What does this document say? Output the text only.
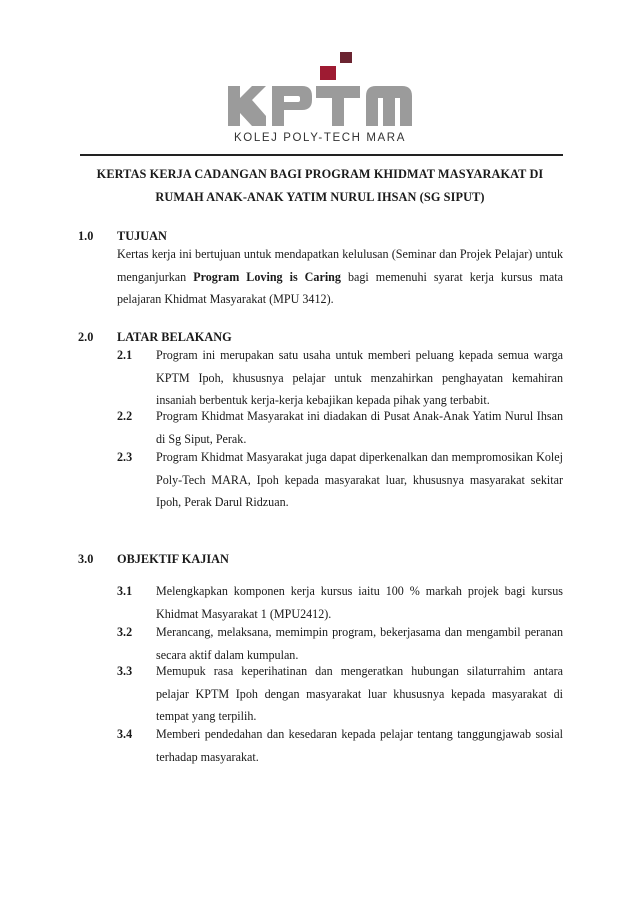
KOLEJ POLY-TECH MARA
KERTAS KERJA CADANGAN BAGI PROGRAM KHIDMAT MASYARAKAT DI
RUMAH ANAK-ANAK YATIM NURUL IHSAN (SG SIPUT)
1.0 TUJUAN
Kertas kerja ini bertujuan untuk mendapatkan kelulusan (Seminar dan Projek Pelajar) untuk menganjurkan Program Loving is Caring bagi memenuhi syarat kerja kursus mata pelajaran Khidmat Masyarakat (MPU 3412).
2.0 LATAR BELAKANG
2.1 Program ini merupakan satu usaha untuk memberi peluang kepada semua warga KPTM Ipoh, khususnya pelajar untuk menzahirkan penghayatan kemahiran insaniah berbentuk kerja-kerja kebajikan kepada pihak yang terbabit.
2.2 Program Khidmat Masyarakat ini diadakan di Pusat Anak-Anak Yatim Nurul Ihsan di Sg Siput, Perak.
2.3 Program Khidmat Masyarakat juga dapat diperkenalkan dan mempromosikan Kolej Poly-Tech MARA, Ipoh kepada masyarakat luar, khususnya masyarakat sekitar Ipoh, Perak Darul Ridzuan.
3.0 OBJEKTIF KAJIAN
3.1 Melengkapkan komponen kerja kursus iaitu 100 % markah projek bagi kursus Khidmat Masyarakat 1 (MPU2412).
3.2 Merancang, melaksana, memimpin program, bekerjasama dan mengambil peranan secara aktif dalam kumpulan.
3.3 Memupuk rasa keperihatinan dan mengeratkan hubungan silaturrahim antara pelajar KPTM Ipoh dengan masyarakat luar khususnya kepada masyarakat di tempat yang terpilih.
3.4 Memberi pendedahan dan kesedaran kepada pelajar tentang tanggungjawab sosial terhadap masyarakat.
